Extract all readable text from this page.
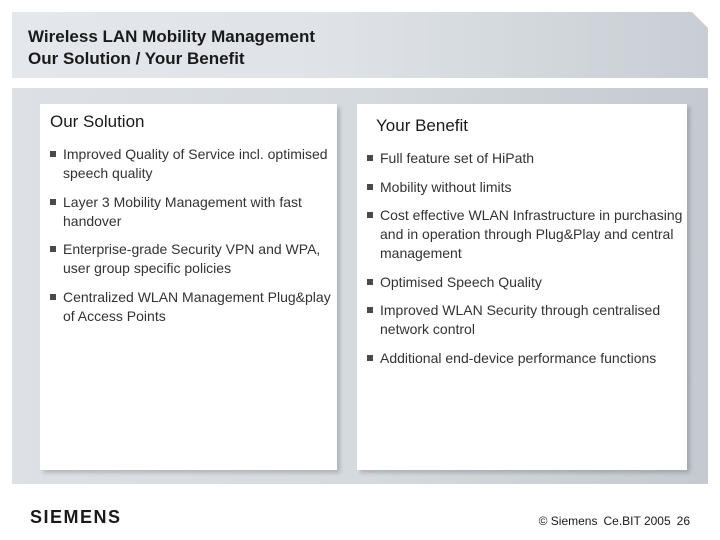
Wireless LAN Mobility Management
Our Solution / Your Benefit
Our Solution
Improved Quality of Service incl. optimised speech quality
Layer 3 Mobility Management with fast handover
Enterprise-grade Security VPN and WPA, user group specific policies
Centralized WLAN Management Plug&play of Access Points
Your Benefit
Full feature set of HiPath
Mobility without limits
Cost effective WLAN Infrastructure in purchasing and in operation through Plug&Play and central management
Optimised Speech Quality
Improved WLAN Security through centralised network control
Additional end-device performance functions
SIEMENS	© Siemens Ce.BIT 2005 26
